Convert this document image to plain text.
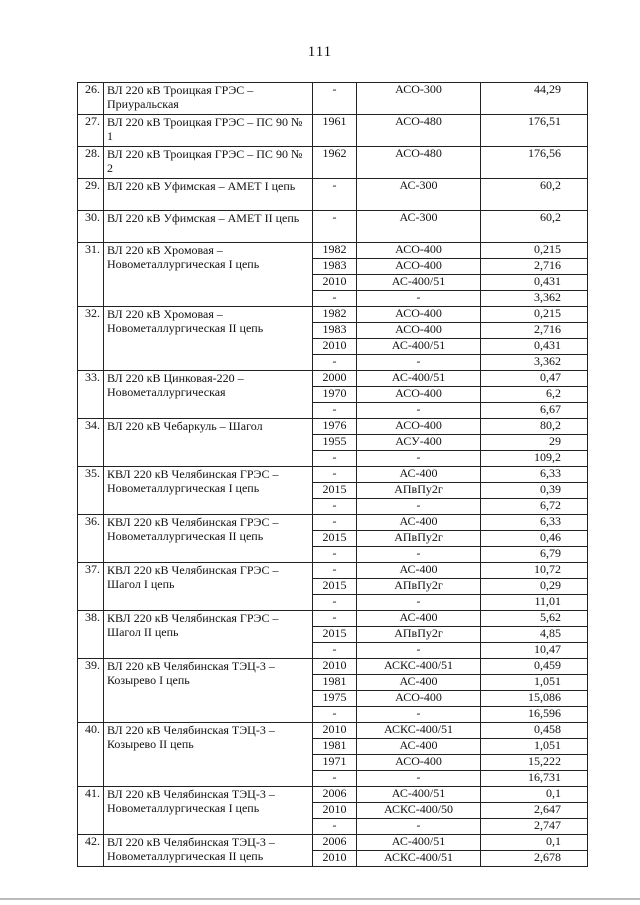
111
26.	ВЛ 220 кВ Троицкая ГРЭС – Приуральская	-	АСО-300	44,29
27.	ВЛ 220 кВ Троицкая ГРЭС – ПС 90 № 1	1961	АСО-480	176,51
28.	ВЛ 220 кВ Троицкая ГРЭС – ПС 90 № 2	1962	АСО-480	176,56
29.	ВЛ 220 кВ Уфимская – АМЕТ I цепь	-	АС-300	60,2
30.	ВЛ 220 кВ Уфимская – АМЕТ II цепь	-	АС-300	60,2
31.	ВЛ 220 кВ Хромовая – Новометаллургическая I цепь	1982	АСО-400	0,215
		1983	АСО-400	2,716
		2010	АС-400/51	0,431
		-	-	3,362
32.	ВЛ 220 кВ Хромовая – Новометаллургическая II цепь	1982	АСО-400	0,215
		1983	АСО-400	2,716
		2010	АС-400/51	0,431
		-	-	3,362
33.	ВЛ 220 кВ Цинковая-220 – Новометаллургическая	2000	АС-400/51	0,47
		1970	АСО-400	6,2
		-	-	6,67
34.	ВЛ 220 кВ Чебаркуль – Шагол	1976	АСО-400	80,2
		1955	АСУ-400	29
		-	-	109,2
35.	КВЛ 220 кВ Челябинская ГРЭС – Новометаллургическая I цепь	-	АС-400	6,33
		2015	АПвПу2г	0,39
		-	-	6,72
36.	КВЛ 220 кВ Челябинская ГРЭС – Новометаллургическая II цепь	-	АС-400	6,33
		2015	АПвПу2г	0,46
		-	-	6,79
37.	КВЛ 220 кВ Челябинская ГРЭС – Шагол I цепь	-	АС-400	10,72
		2015	АПвПу2г	0,29
		-	-	11,01
38.	КВЛ 220 кВ Челябинская ГРЭС – Шагол II цепь	-	АС-400	5,62
		2015	АПвПу2г	4,85
		-	-	10,47
39.	ВЛ 220 кВ Челябинская ТЭЦ-3 – Козырево I цепь	2010	АСКС-400/51	0,459
		1981	АС-400	1,051
		1975	АСО-400	15,086
		-	-	16,596
40.	ВЛ 220 кВ Челябинская ТЭЦ-3 – Козырево II цепь	2010	АСКС-400/51	0,458
		1981	АС-400	1,051
		1971	АСО-400	15,222
		-	-	16,731
41.	ВЛ 220 кВ Челябинская ТЭЦ-3 – Новометаллургическая I цепь	2006	АС-400/51	0,1
		2010	АСКС-400/50	2,647
		-	-	2,747
42.	ВЛ 220 кВ Челябинская ТЭЦ-3 – Новометаллургическая II цепь	2006	АС-400/51	0,1
		2010	АСКС-400/51	2,678
